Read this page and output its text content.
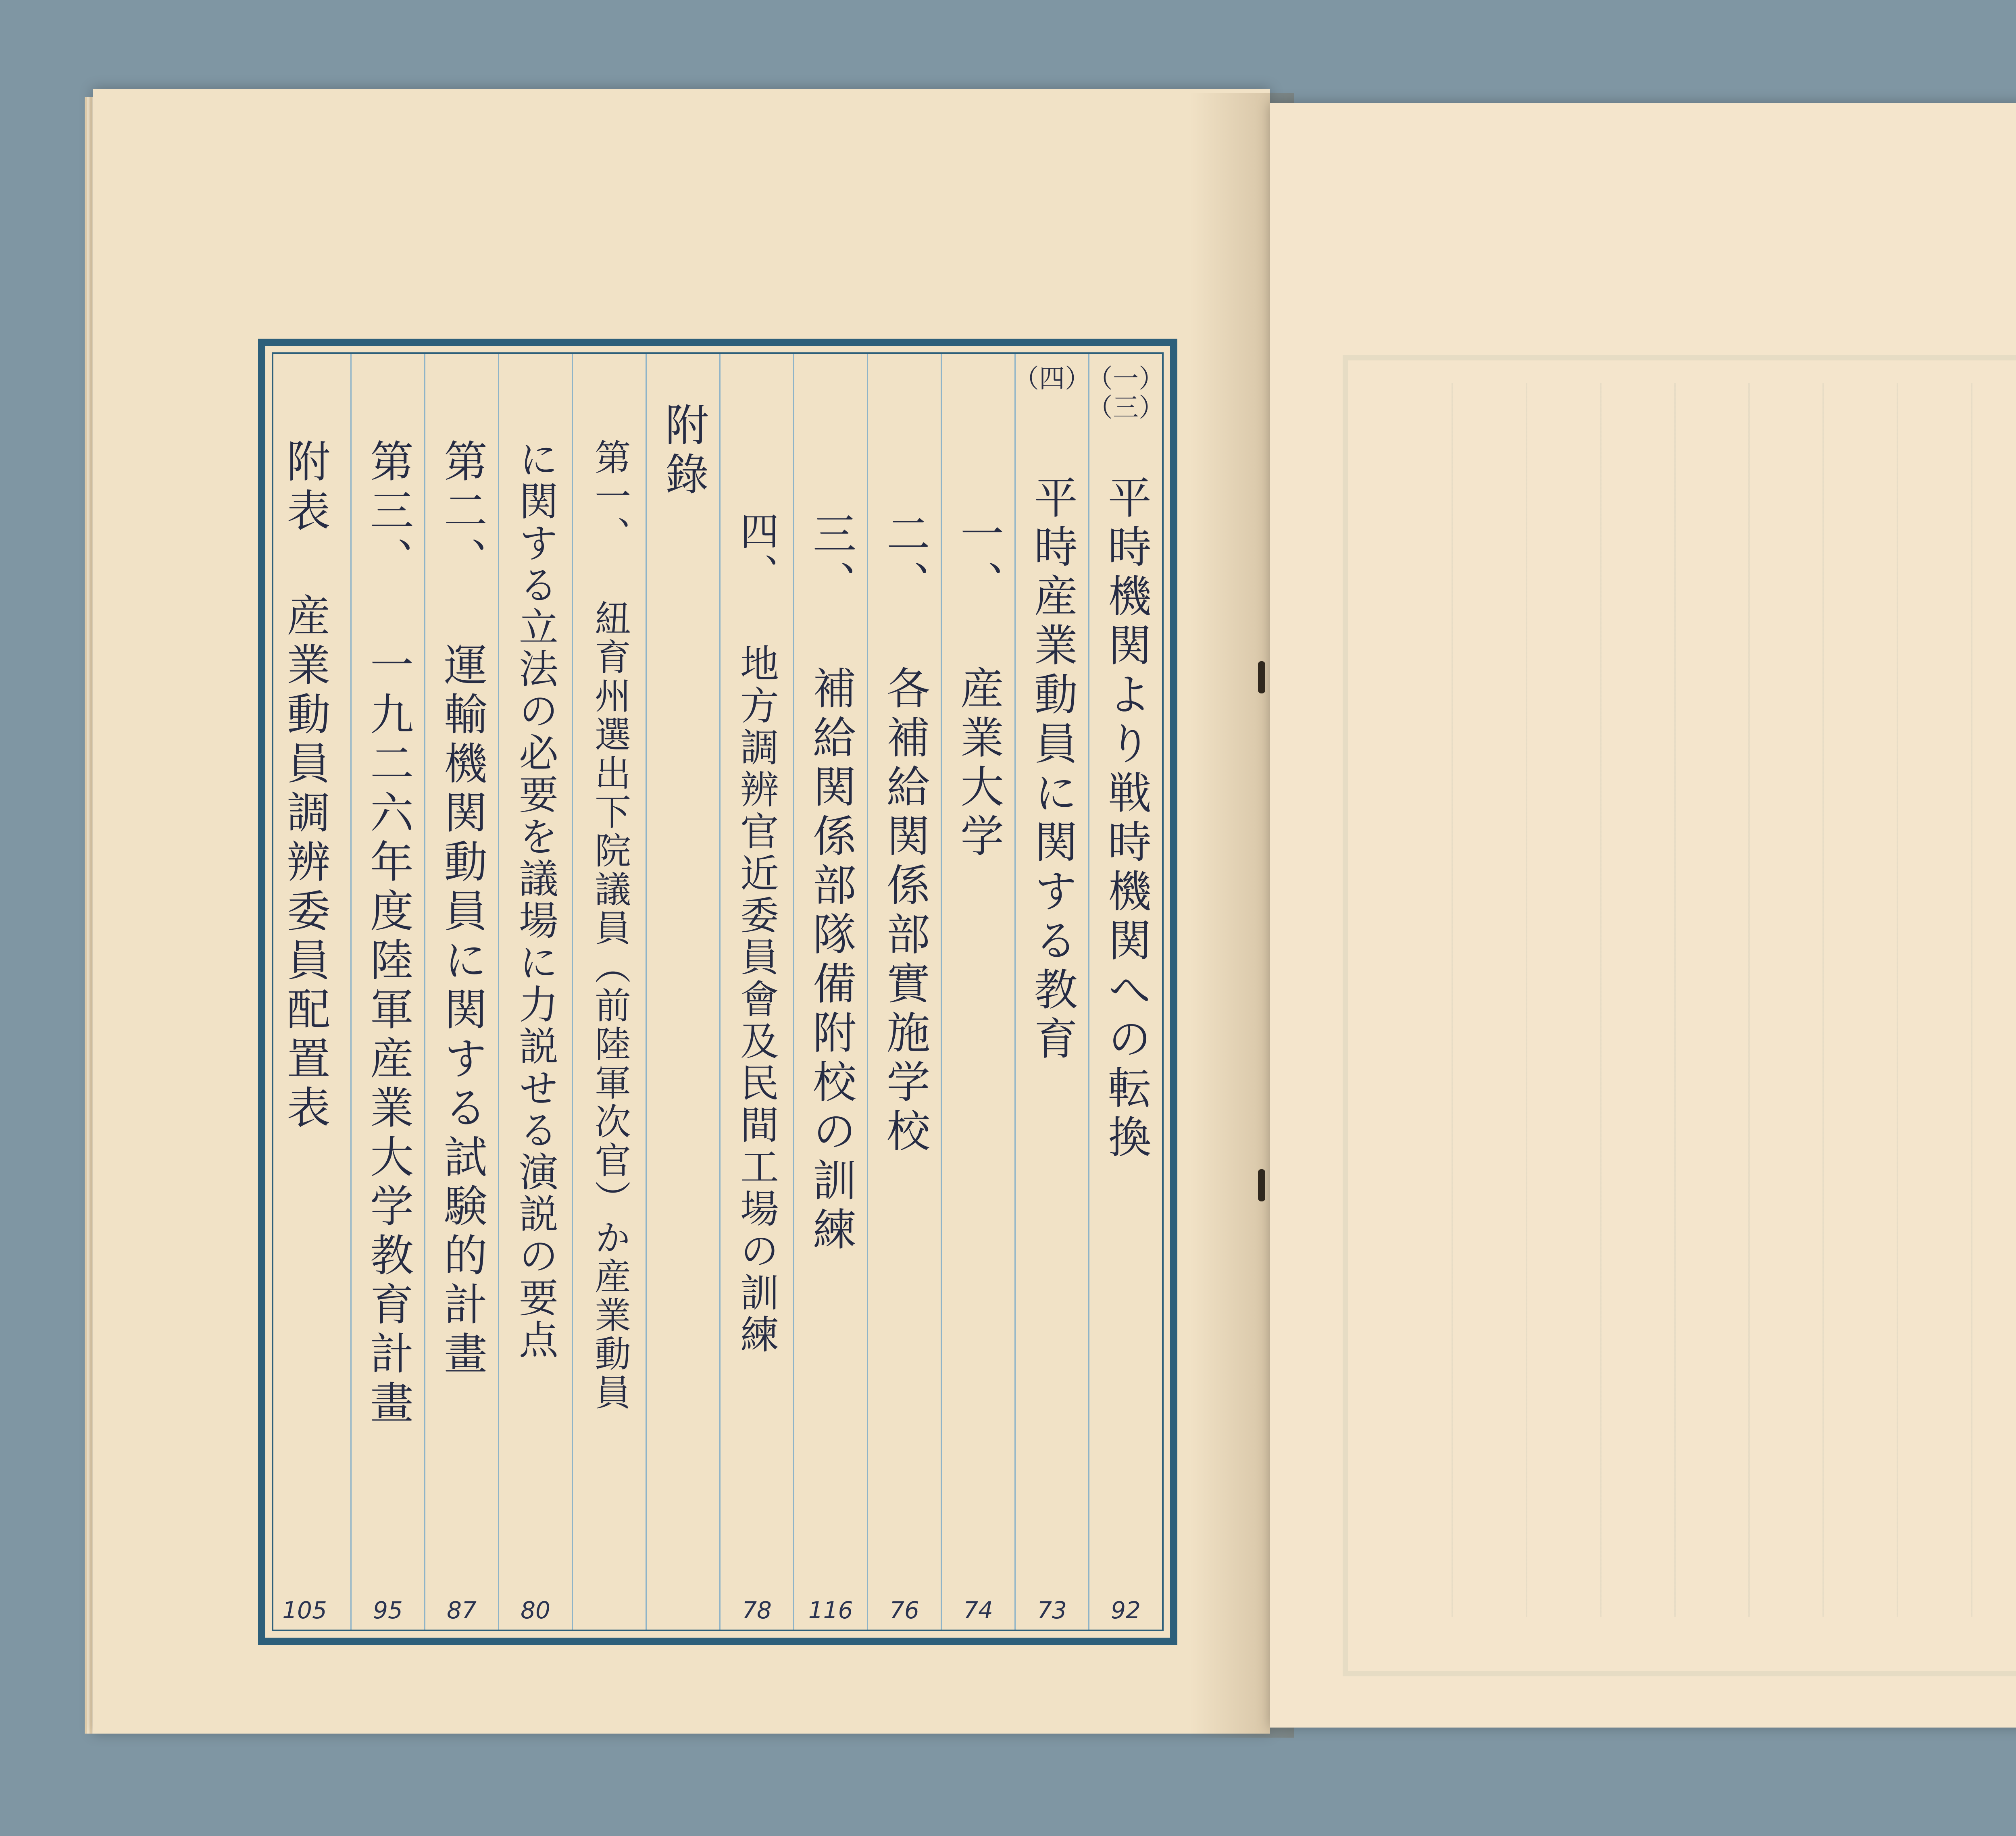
（一）
（三）
平時機関より戦時機関への転換
92
（四）
平時産業動員に関する教育
73
一、 産業大学
74
二、 各補給関係部實施学校
76
三、 補給関係部隊備附校の訓練
116
四、 地方調辨官近委員會及民間工場の訓練
78
附錄
第一、 紐育州選出下院議員（前陸軍次官）か産業動員
に関する立法の必要を議場に力説せる演説の要点
80
第二、 運輸機関動員に関する試験的計畫
87
第三、 一九二六年度陸軍産業大学教育計畫
95
附表 産業動員調辨委員配置表
105
